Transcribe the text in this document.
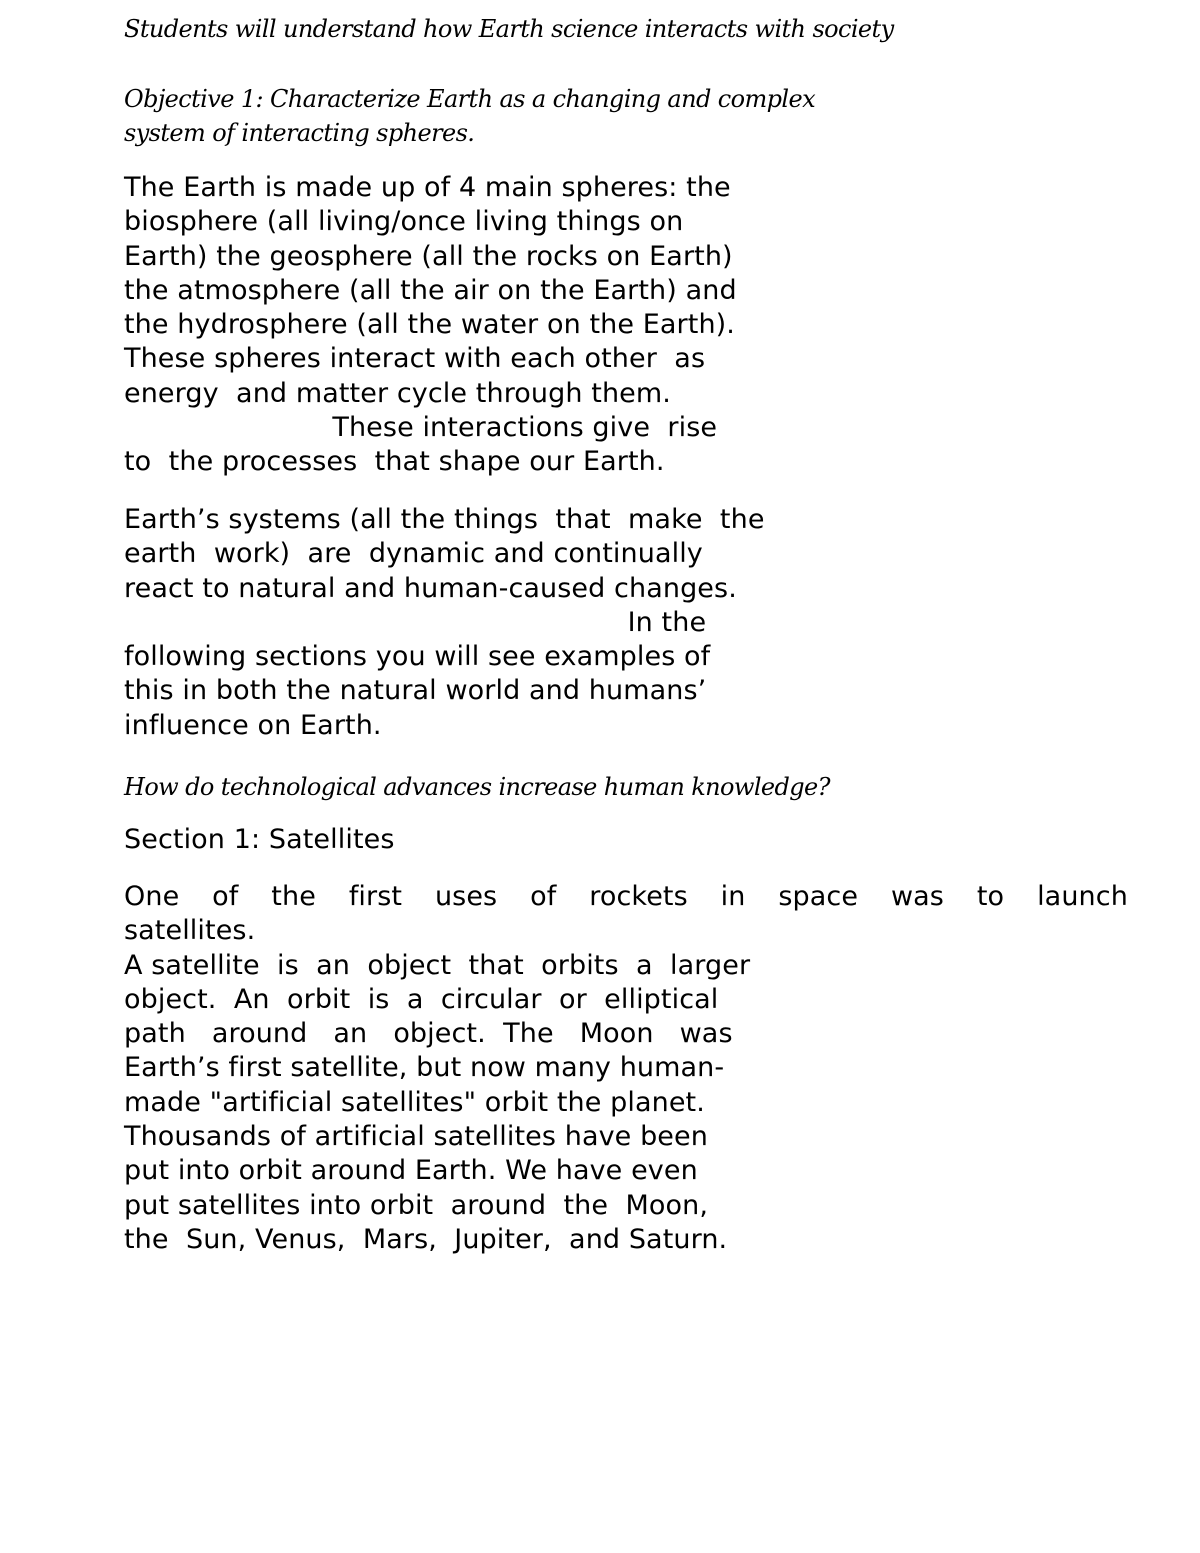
Students will understand how Earth science interacts with society

Objective 1: Characterize Earth as a changing and complex
system of interacting spheres.

The Earth is made up of 4 main spheres: the
biosphere (all living/once living things on
Earth) the geosphere (all the rocks on Earth)
the atmosphere (all the air on the Earth) and
the hydrosphere (all the water on the Earth).
These spheres interact with each other  as
energy  and matter cycle through them.
These interactions give  rise
to  the processes  that shape our Earth.

Earth’s systems (all the things  that  make  the
earth  work)  are  dynamic and continually
react to natural and human-caused changes.
In the
following sections you will see examples of
this in both the natural world and humans’
influence on Earth.

How do technological advances increase human knowledge?

Section 1: Satellites
One of the first uses of rockets in space was to launch
satellites.
A satellite  is  an  object  that  orbits  a  larger
object.  An  orbit  is  a  circular  or  elliptical
path   around   an   object.  The   Moon   was
Earth’s first satellite, but now many human-
made "artificial satellites" orbit the planet.
Thousands of artificial satellites have been
put into orbit around Earth. We have even
put satellites into orbit  around  the  Moon,
the  Sun, Venus,  Mars,  Jupiter,  and Saturn.
